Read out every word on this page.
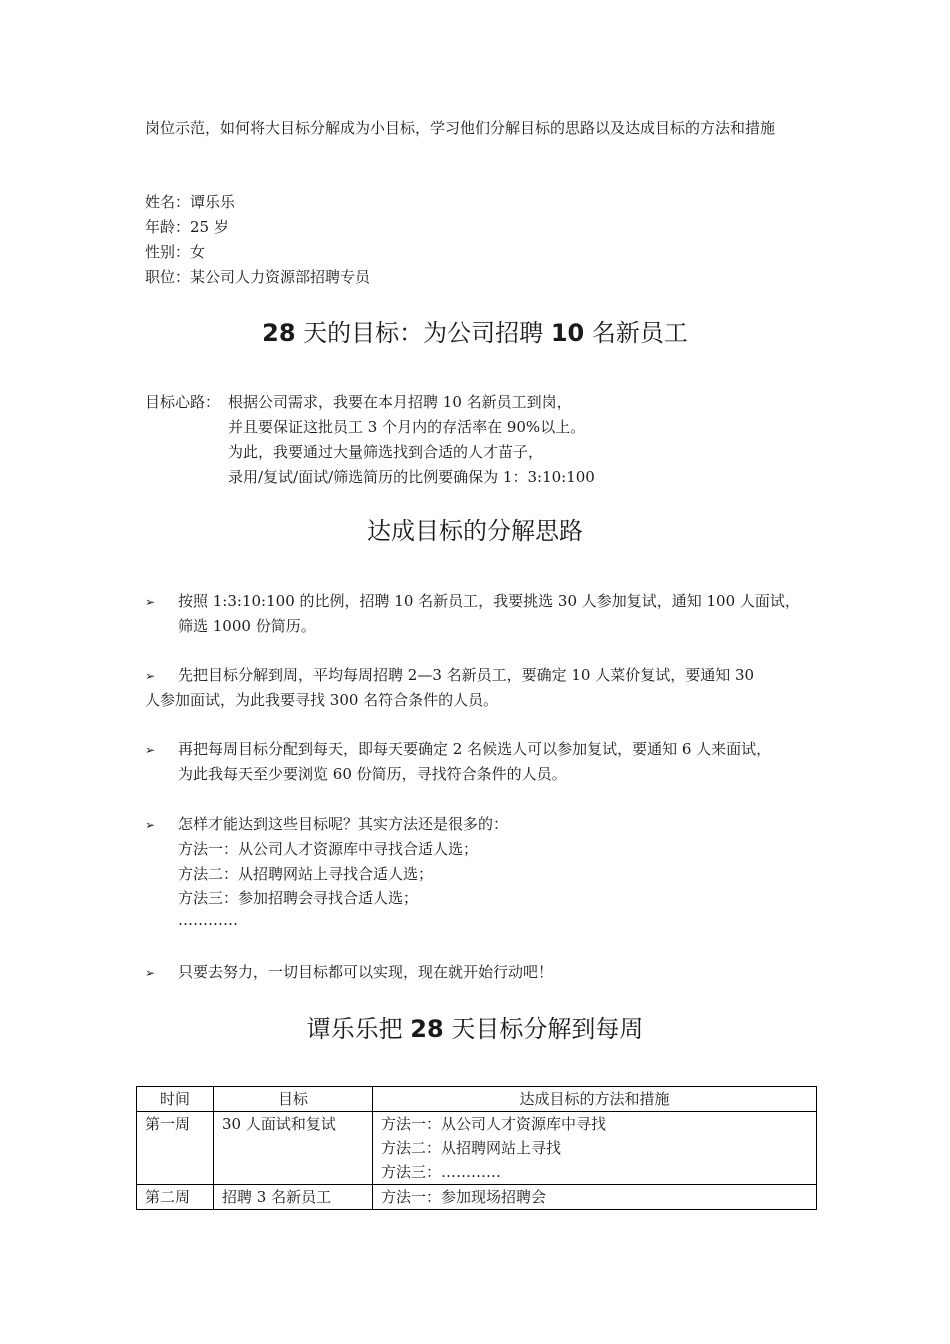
岗位示范，如何将大目标分解成为小目标，学习他们分解目标的思路以及达成目标的方法和措施
姓名：谭乐乐
年龄：25 岁
性别：女
职位：某公司人力资源部招聘专员
28 天的目标：为公司招聘 10 名新员工
目标心路： 根据公司需求，我要在本月招聘 10 名新员工到岗，
并且要保证这批员工 3 个月内的存活率在 90%以上。
为此，我要通过大量筛选找到合适的人才苗子，
录用/复试/面试/筛选简历的比例要确保为 1：3:10:100
达成目标的分解思路
➢ 按照 1:3:10:100 的比例，招聘 10 名新员工，我要挑选 30 人参加复试，通知 100 人面试，
筛选 1000 份简历。
➢ 先把目标分解到周，平均每周招聘 2—3 名新员工，要确定 10 人菜价复试，要通知 30
人参加面试，为此我要寻找 300 名符合条件的人员。
➢ 再把每周目标分配到每天，即每天要确定 2 名候选人可以参加复试，要通知 6 人来面试，
为此我每天至少要浏览 60 份简历，寻找符合条件的人员。
➢ 怎样才能达到这些目标呢？其实方法还是很多的：
方法一：从公司人才资源库中寻找合适人选；
方法二：从招聘网站上寻找合适人选；
方法三：参加招聘会寻找合适人选；
…………
➢ 只要去努力，一切目标都可以实现，现在就开始行动吧！
谭乐乐把 28 天目标分解到每周
时间	目标	达成目标的方法和措施
第一周	30 人面试和复试	方法一：从公司人才资源库中寻找
方法二：从招聘网站上寻找
方法三：…………

第二周	招聘 3 名新员工	方法一：参加现场招聘会
